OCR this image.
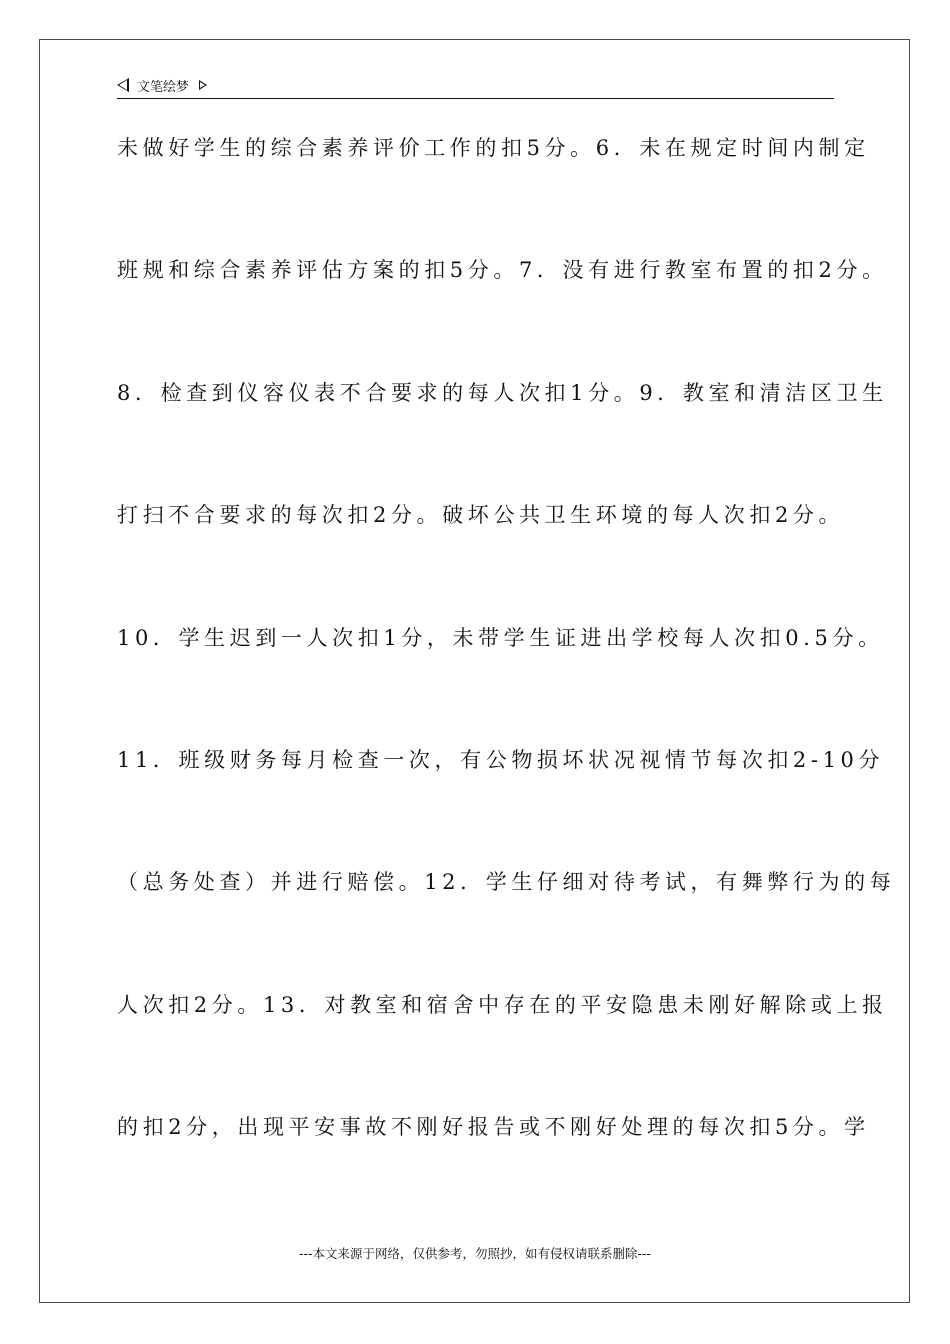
文笔绘梦
未做好学生的综合素养评价工作的扣5分。6．未在规定时间内制定
班规和综合素养评估方案的扣5分。7．没有进行教室布置的扣2分。
8．检查到仪容仪表不合要求的每人次扣1分。9．教室和清洁区卫生
打扫不合要求的每次扣2分。破坏公共卫生环境的每人次扣2分。
10．学生迟到一人次扣1分，未带学生证进出学校每人次扣0.5分。
11．班级财务每月检查一次，有公物损坏状况视情节每次扣2-10分
（总务处查）并进行赔偿。12．学生仔细对待考试，有舞弊行为的每
人次扣2分。13．对教室和宿舍中存在的平安隐患未刚好解除或上报
的扣2分，出现平安事故不刚好报告或不刚好处理的每次扣5分。学
---本文来源于网络，仅供参考，勿照抄，如有侵权请联系删除---
